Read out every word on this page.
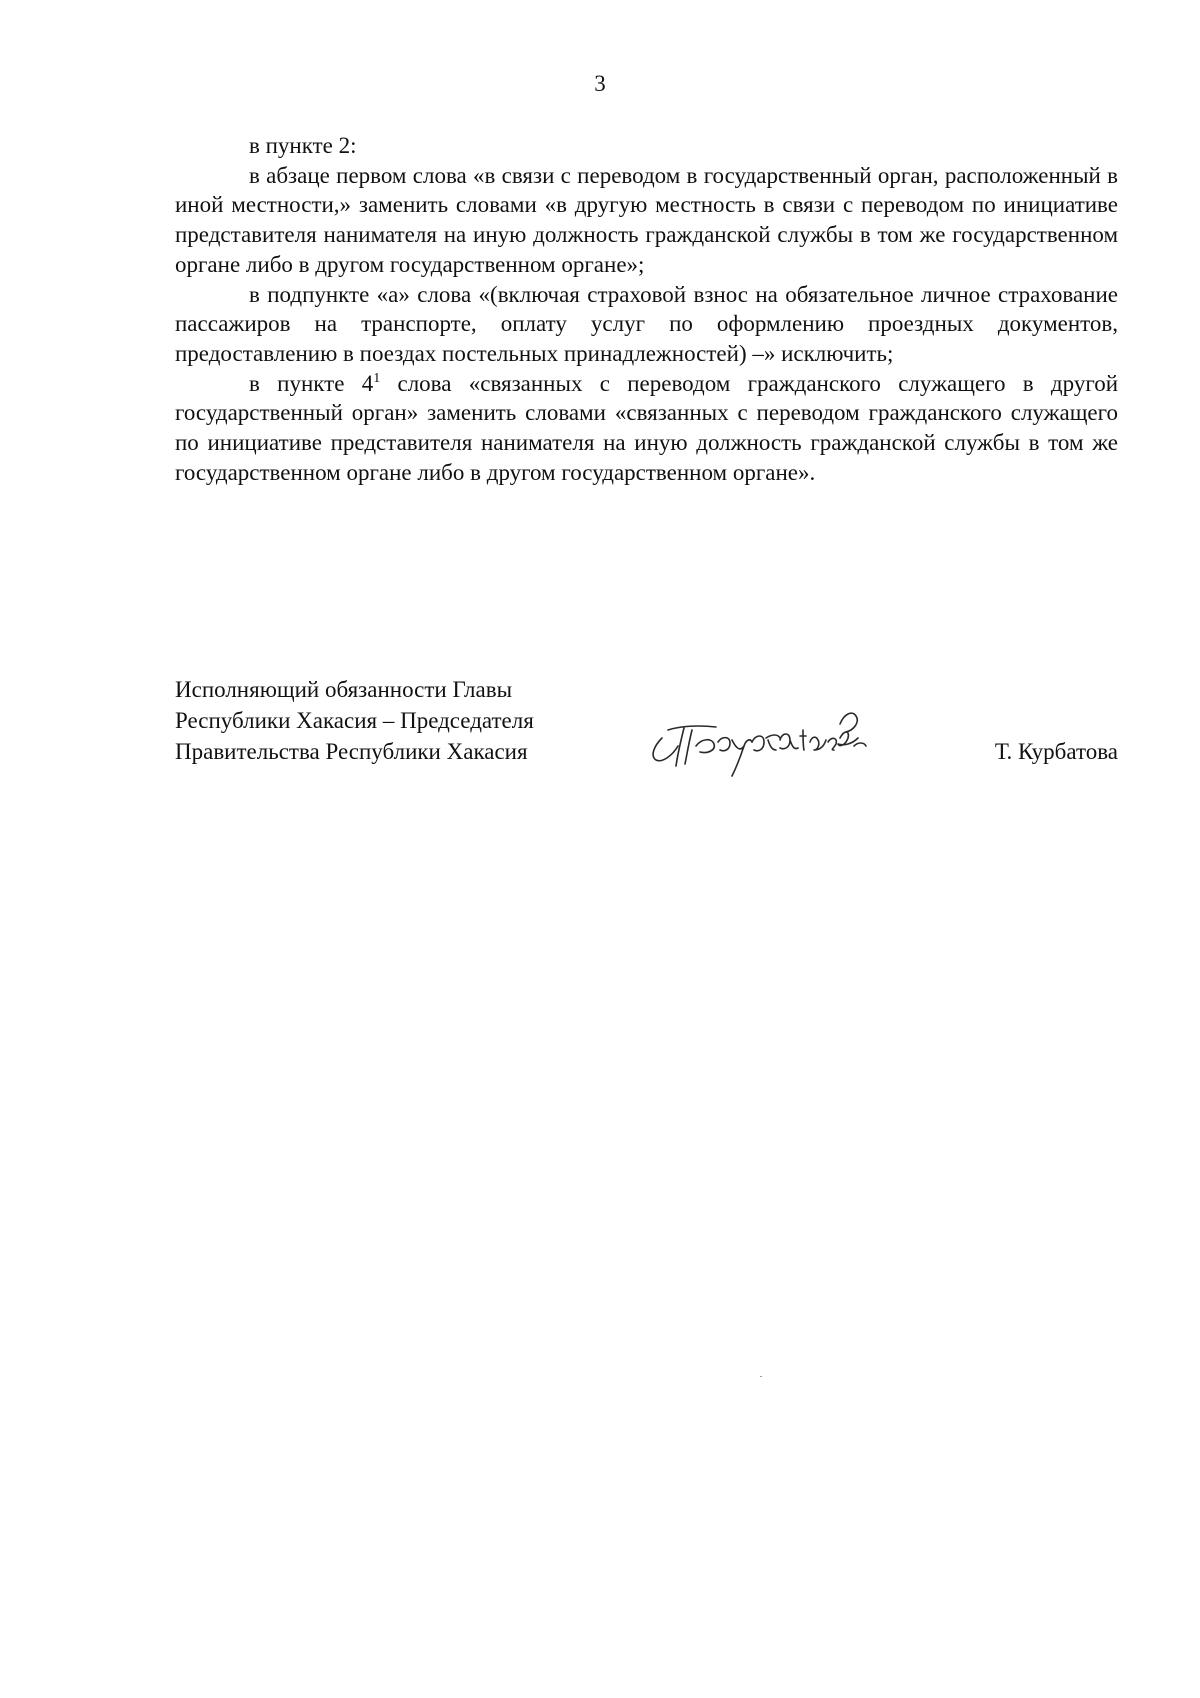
3

в пункте 2:

в абзаце первом слова «в связи с переводом в государственный орган, расположенный в иной местности,» заменить словами «в другую местность в связи с переводом по инициативе представителя нанимателя на иную должность гражданской службы в том же государственном органе либо в другом государственном органе»;

в подпункте «а» слова «(включая страховой взнос на обязательное личное страхование пассажиров на транспорте, оплату услуг по оформлению проездных документов, предоставлению в поездах постельных принадлежностей) –» исключить;

в пункте $4^1$ слова «связанных с переводом гражданского служащего в другой государственный орган» заменить словами «связанных с переводом гражданского служащего по инициативе представителя нанимателя на иную должность гражданской службы в том же государственном органе либо в другом государственном органе».

Исполняющий обязанности Главы
Республики Хакасия – Председателя
Правительства Республики Хакасия	Т. Курбатова
